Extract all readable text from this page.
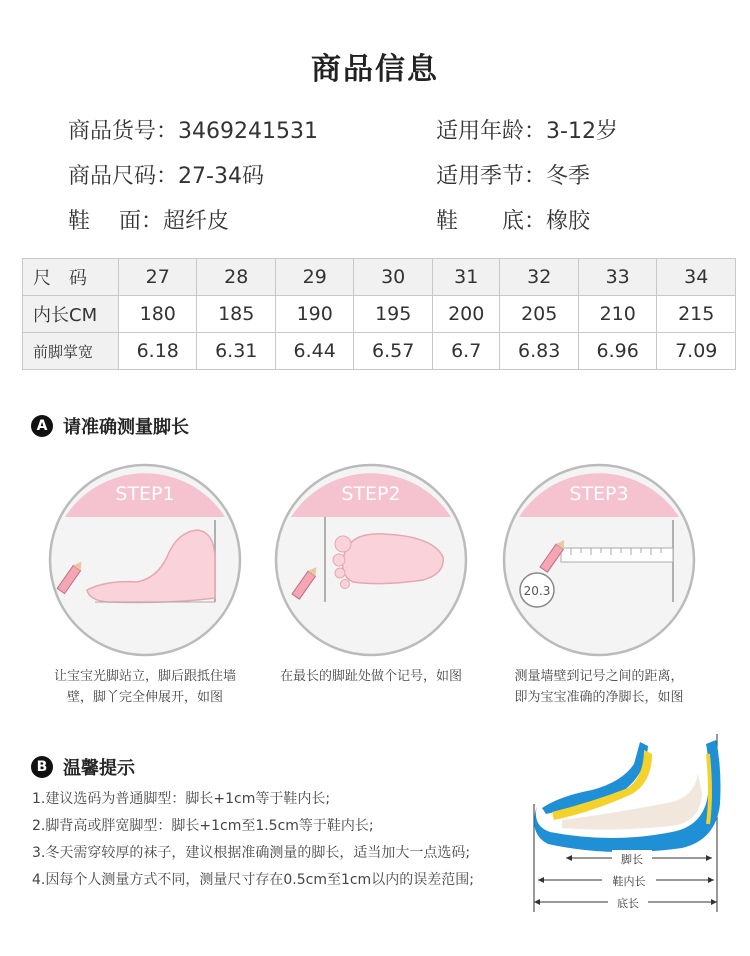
商品信息
商品货号：3469241531
商品尺码：27-34码
鞋　 面：超纤皮
适用年龄：3-12岁
适用季节：冬季
鞋　　底：橡胶
尺　码	27	28	29	30	31	32	33	34
内长CM	180	185	190	195	200	205	210	215
前脚掌宽	6.18	6.31	6.44	6.57	6.7	6.83	6.96	7.09
A 请准确测量脚长
STEP1
让宝宝光脚站立，脚后跟抵住墙
壁，脚丫完全伸展开，如图
STEP2
在最长的脚趾处做个记号，如图
STEP3
20.3
测量墙壁到记号之间的距离，
即为宝宝准确的净脚长，如图
B 温馨提示
1.建议选码为普通脚型：脚长+1cm等于鞋内长;
2.脚背高或胖宽脚型：脚长+1cm至1.5cm等于鞋内长;
3.冬天需穿较厚的袜子，建议根据准确测量的脚长，适当加大一点选码;
4.因每个人测量方式不同，测量尺寸存在0.5cm至1cm以内的误差范围;
脚长
鞋内长
底长
